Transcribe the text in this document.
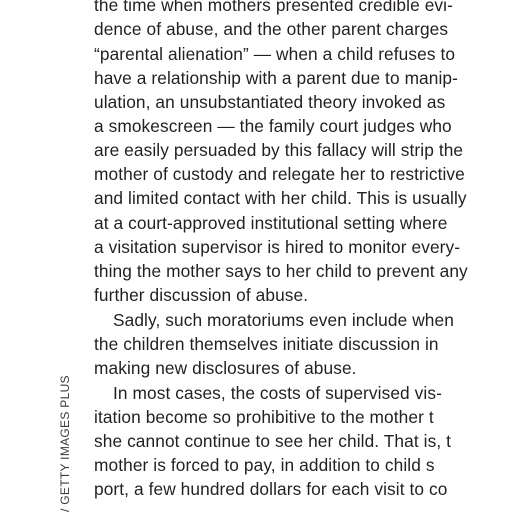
/ GETTY IMAGES PLUS
the time when mothers presented credible evi-
dence of abuse, and the other parent charges
“parental alienation” — when a child refuses to
have a relationship with a parent due to manip-
ulation, an unsubstantiated theory invoked as
a smokescreen — the family court judges who
are easily persuaded by this fallacy will strip the
mother of custody and relegate her to restrictive
and limited contact with her child. This is usually
at a court-approved institutional setting where
a visitation supervisor is hired to monitor every-
thing the mother says to her child to prevent any
further discussion of abuse.
Sadly, such moratoriums even include when
the children themselves initiate discussion in
making new disclosures of abuse.
In most cases, the costs of supervised vis-
itation become so prohibitive to the mother t
she cannot continue to see her child. That is, t
mother is forced to pay, in addition to child s
port, a few hundred dollars for each visit to co
